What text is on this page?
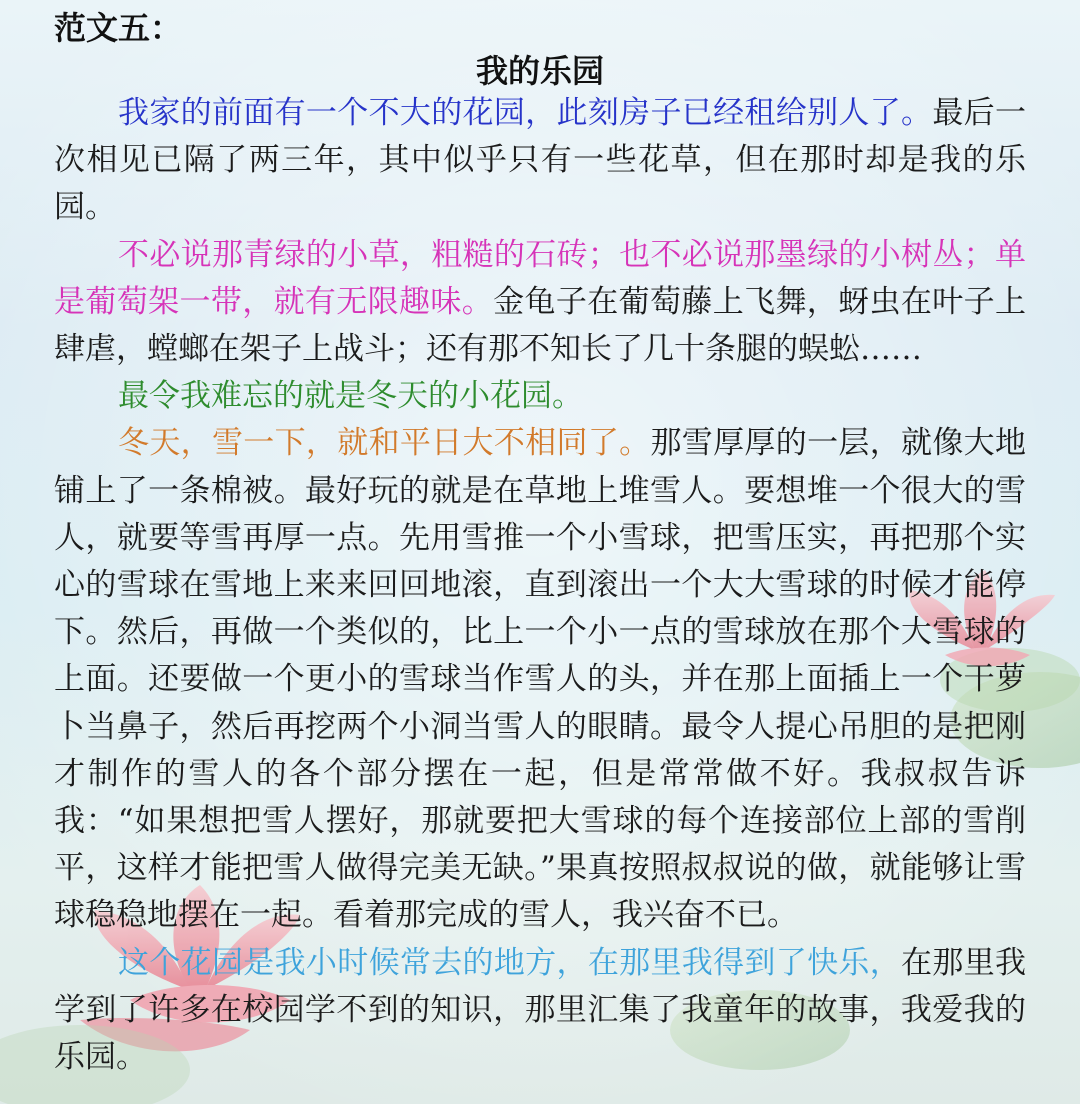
范文五：
我的乐园

我家的前面有一个不大的花园，此刻房子已经租给别人了。最后一次相见已隔了两三年，其中似乎只有一些花草，但在那时却是我的乐园。

不必说那青绿的小草，粗糙的石砖；也不必说那墨绿的小树丛；单是葡萄架一带，就有无限趣味。金龟子在葡萄藤上飞舞，蚜虫在叶子上肆虐，螳螂在架子上战斗；还有那不知长了几十条腿的蜈蚣……

最令我难忘的就是冬天的小花园。

冬天，雪一下，就和平日大不相同了。那雪厚厚的一层，就像大地铺上了一条棉被。最好玩的就是在草地上堆雪人。要想堆一个很大的雪人，就要等雪再厚一点。先用雪推一个小雪球，把雪压实，再把那个实心的雪球在雪地上来来回回地滚，直到滚出一个大大雪球的时候才能停下。然后，再做一个类似的，比上一个小一点的雪球放在那个大雪球的上面。还要做一个更小的雪球当作雪人的头，并在那上面插上一个干萝卜当鼻子，然后再挖两个小洞当雪人的眼睛。最令人提心吊胆的是把刚才制作的雪人的各个部分摆在一起，但是常常做不好。我叔叔告诉我：“如果想把雪人摆好，那就要把大雪球的每个连接部位上部的雪削平，这样才能把雪人做得完美无缺。”果真按照叔叔说的做，就能够让雪球稳稳地摆在一起。看着那完成的雪人，我兴奋不已。

这个花园是我小时候常去的地方，在那里我得到了快乐，在那里我学到了许多在校园学不到的知识，那里汇集了我童年的故事，我爱我的乐园。
